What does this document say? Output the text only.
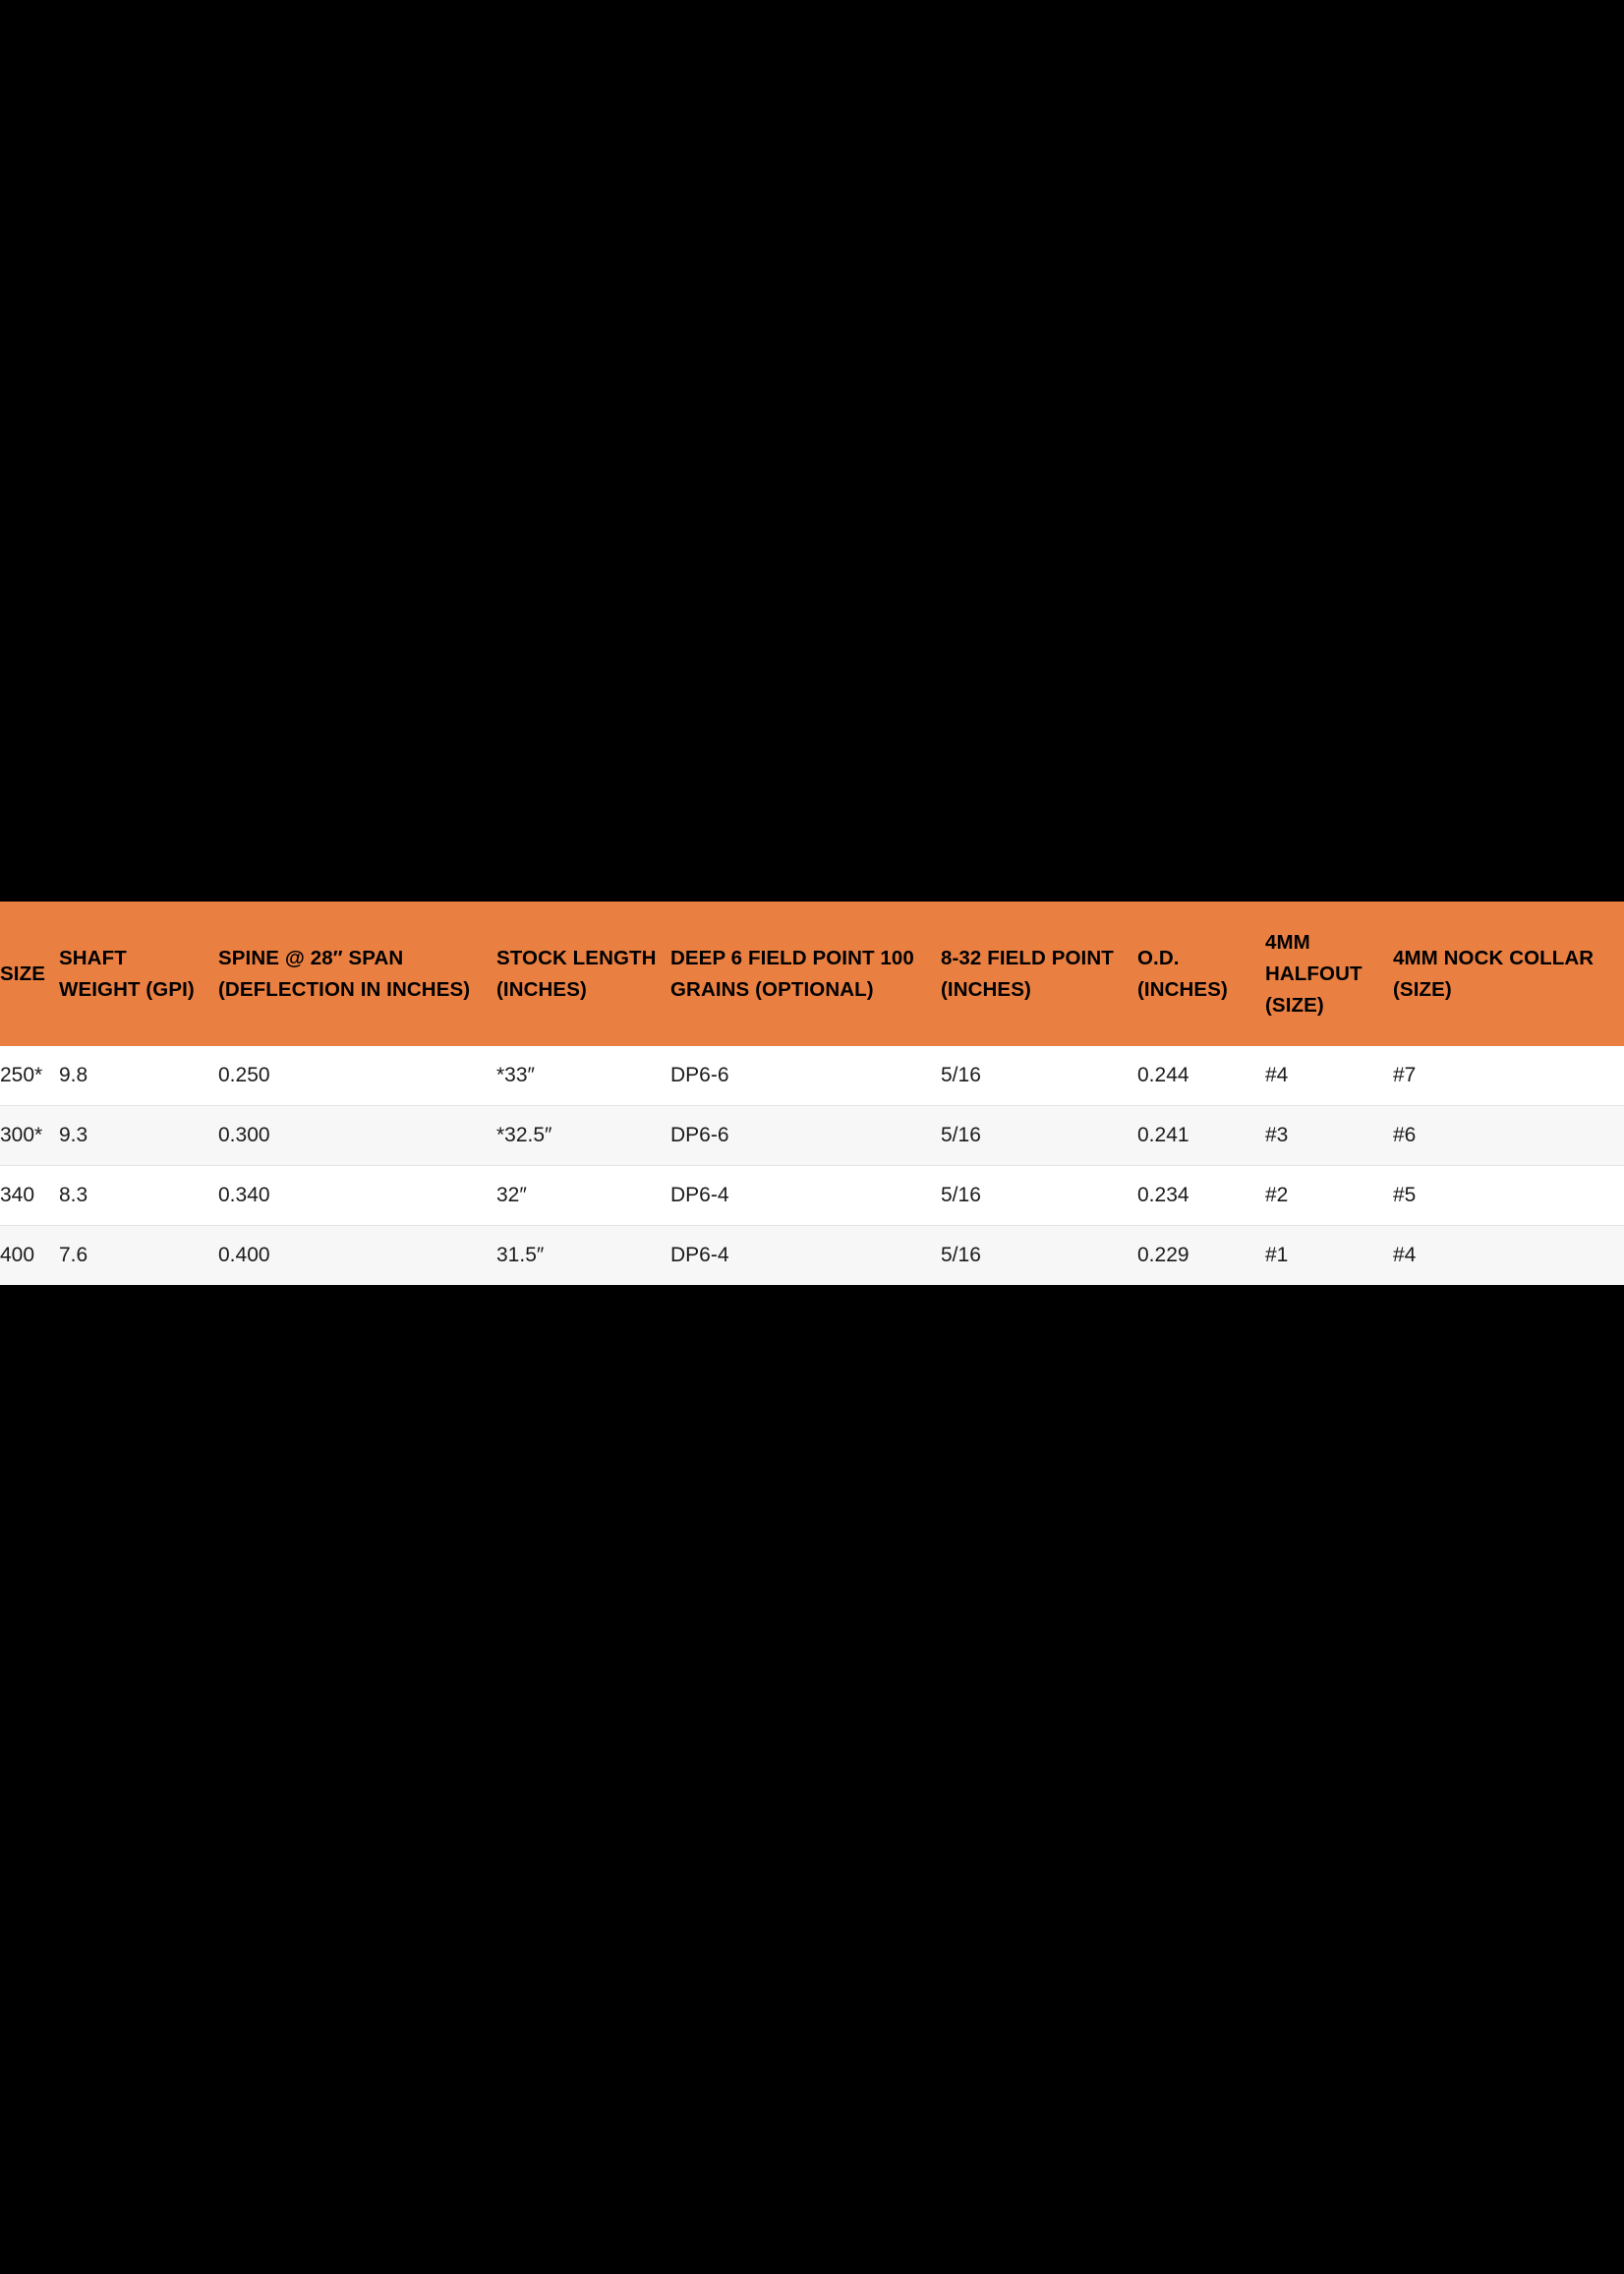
SIZE	SHAFT WEIGHT (GPI)	SPINE @ 28″ SPAN (DEFLECTION IN INCHES)	STOCK LENGTH (INCHES)	DEEP 6 FIELD POINT 100 GRAINS (OPTIONAL)	8-32 FIELD POINT (INCHES)	O.D. (INCHES)	4MM HALFOUT (SIZE)	4MM NOCK COLLAR (SIZE)
250*	9.8	0.250	*33″	DP6-6	5/16	0.244	#4	#7
300*	9.3	0.300	*32.5″	DP6-6	5/16	0.241	#3	#6
340	8.3	0.340	32″	DP6-4	5/16	0.234	#2	#5
400	7.6	0.400	31.5″	DP6-4	5/16	0.229	#1	#4
